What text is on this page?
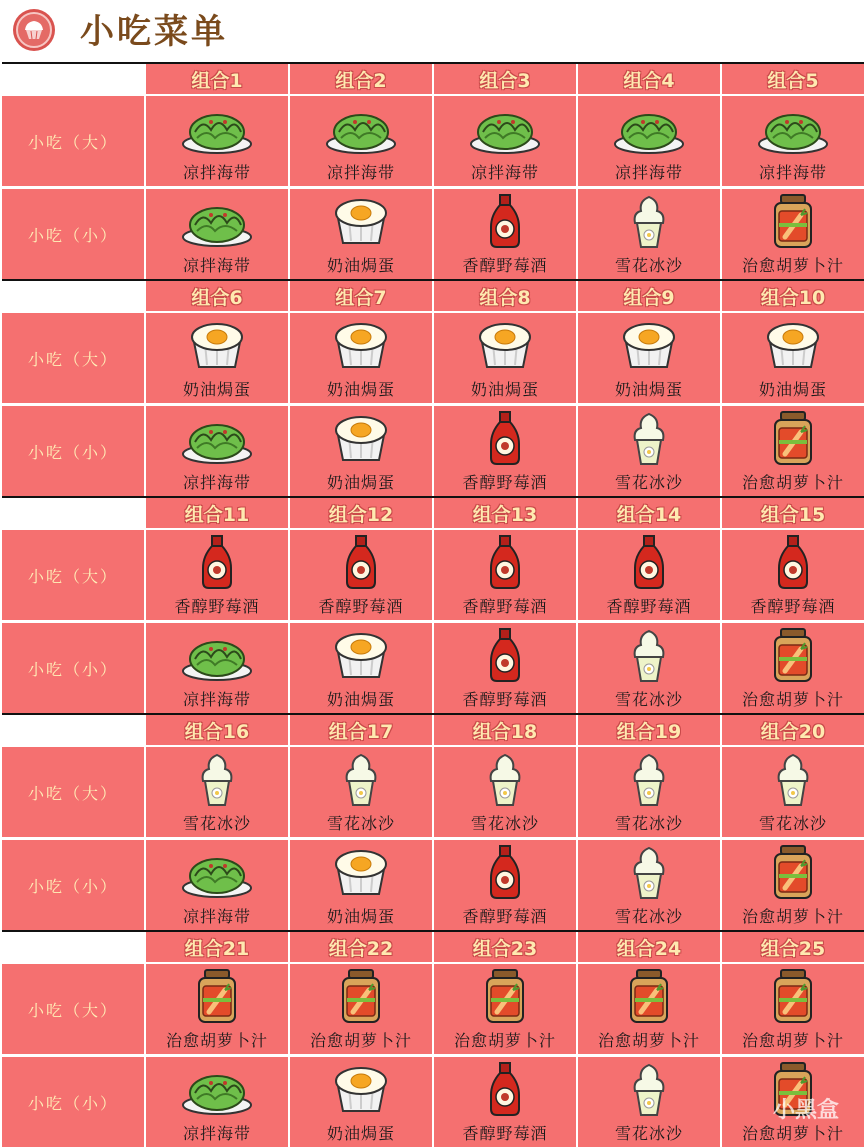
小吃菜单
组合1	组合2	组合3	组合4	组合5
小吃（大）
凉拌海带	凉拌海带	凉拌海带	凉拌海带	凉拌海带
小吃（小）
凉拌海带	奶油焗蛋	香醇野莓酒	雪花冰沙	治愈胡萝卜汁
组合6	组合7	组合8	组合9	组合10
小吃（大）
奶油焗蛋	奶油焗蛋	奶油焗蛋	奶油焗蛋	奶油焗蛋
小吃（小）
凉拌海带	奶油焗蛋	香醇野莓酒	雪花冰沙	治愈胡萝卜汁
组合11	组合12	组合13	组合14	组合15
小吃（大）
香醇野莓酒	香醇野莓酒	香醇野莓酒	香醇野莓酒	香醇野莓酒
小吃（小）
凉拌海带	奶油焗蛋	香醇野莓酒	雪花冰沙	治愈胡萝卜汁
组合16	组合17	组合18	组合19	组合20
小吃（大）
雪花冰沙	雪花冰沙	雪花冰沙	雪花冰沙	雪花冰沙
小吃（小）
凉拌海带	奶油焗蛋	香醇野莓酒	雪花冰沙	治愈胡萝卜汁
组合21	组合22	组合23	组合24	组合25
小吃（大）
治愈胡萝卜汁	治愈胡萝卜汁	治愈胡萝卜汁	治愈胡萝卜汁	治愈胡萝卜汁
小吃（小）
凉拌海带	奶油焗蛋	香醇野莓酒	雪花冰沙	治愈胡萝卜汁
小黑盒
